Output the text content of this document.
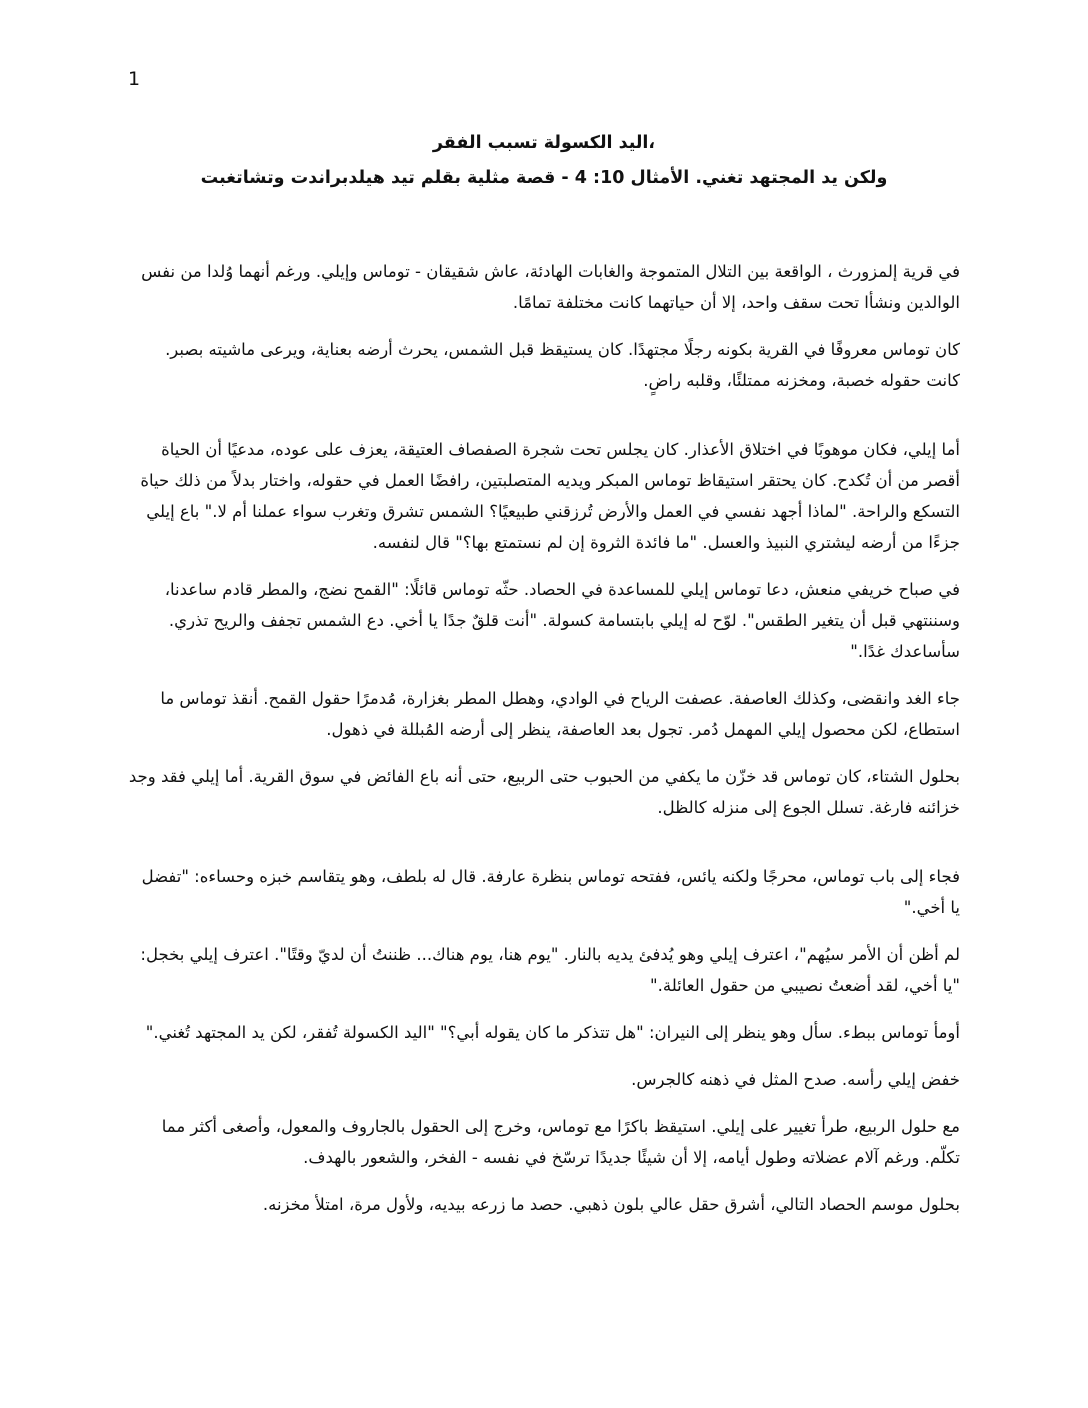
1
،اليد الكسولة تسبب الفقر
ولكن يد المجتهد تغني. الأمثال 10: 4 - قصة مثلية بقلم تيد هيلدبراندت وتشاتغبت

في قرية إلمزورث ، الواقعة بين التلال المتموجة والغابات الهادئة، عاش شقيقان - توماس وإيلي. ورغم أنهما وُلدا من نفس الوالدين ونشأا تحت سقف واحد، إلا أن حياتهما كانت مختلفة تمامًا.

كان توماس معروفًا في القرية بكونه رجلًا مجتهدًا. كان يستيقظ قبل الشمس، يحرث أرضه بعناية، ويرعى ماشيته بصبر. كانت حقوله خصبة، ومخزنه ممتلئًا، وقلبه راضٍ.

أما إيلي، فكان موهوبًا في اختلاق الأعذار. كان يجلس تحت شجرة الصفصاف العتيقة، يعزف على عوده، مدعيًا أن الحياة أقصر من أن تُكدح. كان يحتقر استيقاظ توماس المبكر ويديه المتصلبتين، رافضًا العمل في حقوله، واختار بدلاً من ذلك حياة التسكع والراحة. "لماذا أجهد نفسي في العمل والأرض تُرزقني طبيعيًا؟ الشمس تشرق وتغرب سواء عملنا أم لا." باع إيلي جزءًا من أرضه ليشتري النبيذ والعسل. "ما فائدة الثروة إن لم نستمتع بها؟" قال لنفسه.

في صباح خريفي منعش، دعا توماس إيلي للمساعدة في الحصاد. حثّه توماس قائلًا: "القمح نضج، والمطر قادم ساعدنا، وسننتهي قبل أن يتغير الطقس". لوّح له إيلي بابتسامة كسولة. "أنت قلقٌ جدًا يا أخي. دع الشمس تجفف والريح تذري. سأساعدك غدًا."

جاء الغد وانقضى، وكذلك العاصفة. عصفت الرياح في الوادي، وهطل المطر بغزارة، مُدمرًا حقول القمح. أنقذ توماس ما استطاع، لكن محصول إيلي المهمل دُمر. تجول بعد العاصفة، ينظر إلى أرضه المُبللة في ذهول.

بحلول الشتاء، كان توماس قد خزّن ما يكفي من الحبوب حتى الربيع، حتى أنه باع الفائض في سوق القرية. أما إيلي فقد وجد خزائنه فارغة. تسلل الجوع إلى منزله كالظل.

فجاء إلى باب توماس، محرجًا ولكنه يائس، ففتحه توماس بنظرة عارفة. قال له بلطف، وهو يتقاسم خبزه وحساءه: "تفضل يا أخي."

لم أظن أن الأمر سيُهم"، اعترف إيلي وهو يُدفئ يديه بالنار. "يوم هنا، يوم هناك... ظننتُ أن لديّ وقتًا". اعترف إيلي بخجل: "يا أخي، لقد أضعتُ نصيبي من حقول العائلة."

أومأ توماس ببطء. سأل وهو ينظر إلى النيران: "هل تتذكر ما كان يقوله أبي؟" "اليد الكسولة تُفقر، لكن يد المجتهد تُغني."

خفض إيلي رأسه. صدح المثل في ذهنه كالجرس.

مع حلول الربيع، طرأ تغيير على إيلي. استيقظ باكرًا مع توماس، وخرج إلى الحقول بالجاروف والمعول، وأصغى أكثر مما تكلّم. ورغم آلام عضلاته وطول أيامه، إلا أن شيئًا جديدًا ترسّخ في نفسه - الفخر، والشعور بالهدف.

بحلول موسم الحصاد التالي، أشرق حقل عالي بلون ذهبي. حصد ما زرعه بيديه، ولأول مرة، امتلأ مخزنه.
